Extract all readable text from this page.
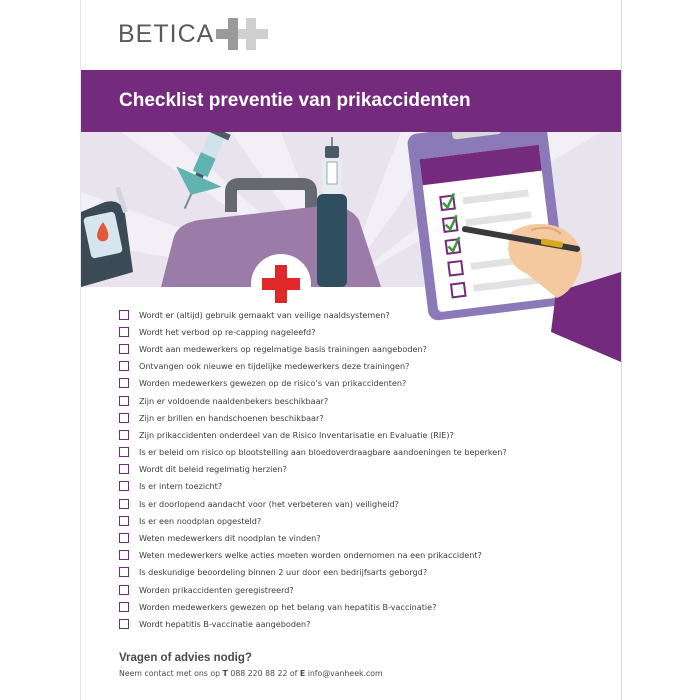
BETICA
Checklist preventie van prikaccidenten
Wordt er (altijd) gebruik gemaakt van veilige naaldsystemen?
Wordt het verbod op re-capping nageleefd?
Wordt aan medewerkers op regelmatige basis trainingen aangeboden?
Ontvangen ook nieuwe en tijdelijke medewerkers deze trainingen?
Worden medewerkers gewezen op de risico’s van prikaccidenten?
Zijn er voldoende naaldenbekers beschikbaar?
Zijn er brillen en handschoenen beschikbaar?
Zijn prikaccidenten onderdeel van de Risico Inventarisatie en Evaluatie (RIE)?
Is er beleid om risico op blootstelling aan bloedoverdraagbare aandoeningen te beperken?
Wordt dit beleid regelmatig herzien?
Is er intern toezicht?
Is er doorlopend aandacht voor (het verbeteren van) veiligheid?
Is er een noodplan opgesteld?
Weten medewerkers dit noodplan te vinden?
Weten medewerkers welke acties moeten worden ondernomen na een prikaccident?
Is deskundige beoordeling binnen 2 uur door een bedrijfsarts geborgd?
Worden prikaccidenten geregistreerd?
Worden medewerkers gewezen op het belang van hepatitis B-vaccinatie?
Wordt hepatitis B-vaccinatie aangeboden?
Vragen of advies nodig?
Neem contact met ons op T 088 220 88 22 of E info@vanheek.com
